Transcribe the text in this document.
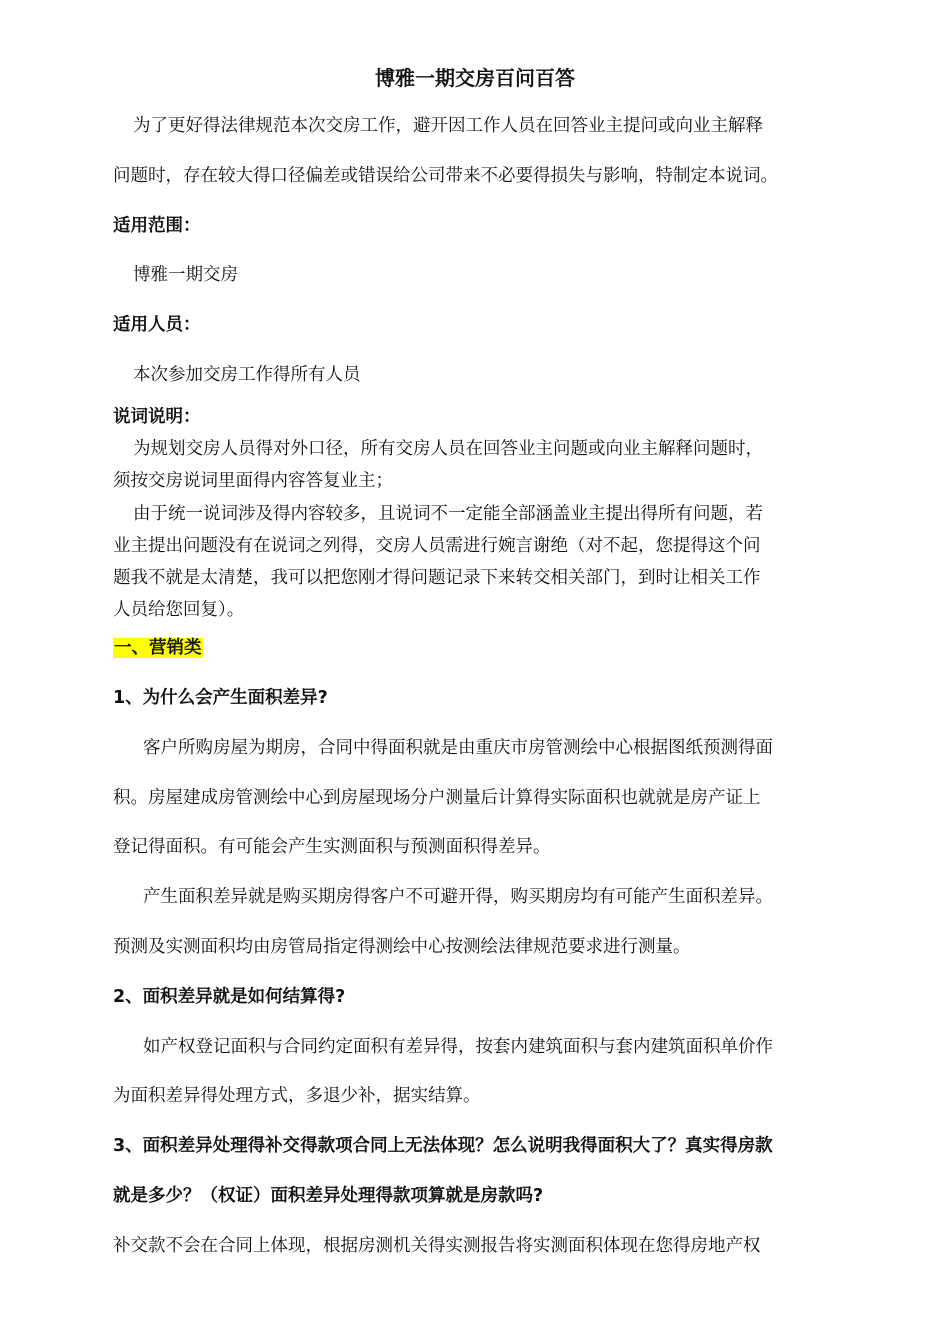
博雅一期交房百问百答
为了更好得法律规范本次交房工作，避开因工作人员在回答业主提问或向业主解释
问题时，存在较大得口径偏差或错误给公司带来不必要得损失与影响，特制定本说词。
适用范围：
博雅一期交房
适用人员：
本次参加交房工作得所有人员
说词说明：
为规划交房人员得对外口径，所有交房人员在回答业主问题或向业主解释问题时，
须按交房说词里面得内容答复业主；
由于统一说词涉及得内容较多，且说词不一定能全部涵盖业主提出得所有问题，若
业主提出问题没有在说词之列得，交房人员需进行婉言谢绝（对不起，您提得这个问
题我不就是太清楚，我可以把您刚才得问题记录下来转交相关部门，到时让相关工作
人员给您回复）。
一、营销类
1、为什么会产生面积差异?
客户所购房屋为期房，合同中得面积就是由重庆市房管测绘中心根据图纸预测得面
积。房屋建成房管测绘中心到房屋现场分户测量后计算得实际面积也就就是房产证上
登记得面积。有可能会产生实测面积与预测面积得差异。
产生面积差异就是购买期房得客户不可避开得，购买期房均有可能产生面积差异。
预测及实测面积均由房管局指定得测绘中心按测绘法律规范要求进行测量。
2、面积差异就是如何结算得?
如产权登记面积与合同约定面积有差异得，按套内建筑面积与套内建筑面积单价作
为面积差异得处理方式，多退少补，据实结算。
3、面积差异处理得补交得款项合同上无法体现？怎么说明我得面积大了？真实得房款
就是多少？（权证）面积差异处理得款项算就是房款吗?
补交款不会在合同上体现，根据房测机关得实测报告将实测面积体现在您得房地产权
